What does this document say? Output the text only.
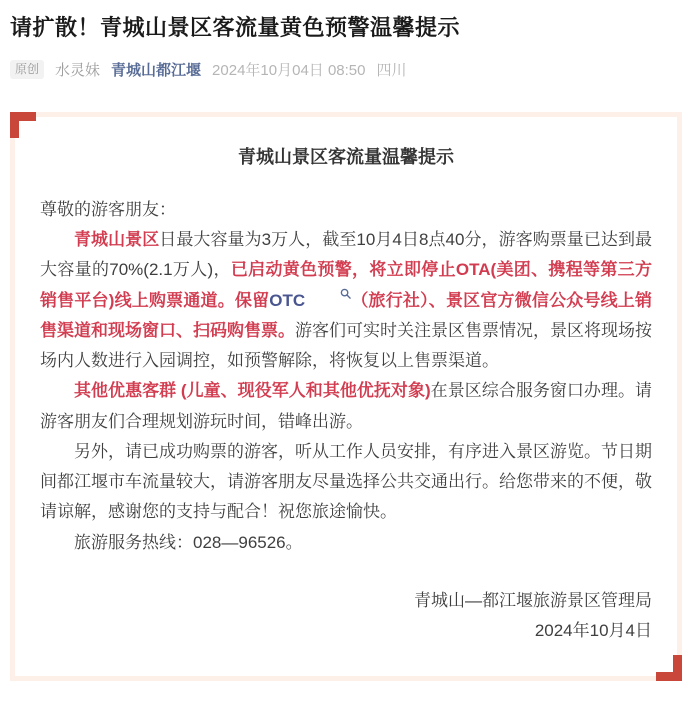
请扩散！青城山景区客流量黄色预警温馨提示
原创	水灵妹 青城山都江堰 2024年10月04日 08:50 四川
青城山景区客流量温馨提示

尊敬的游客朋友：

青城山景区日最大容量为3万人，截至10月4日8点40分，游客购票量已达到最大容量的70%(2.1万人)，已启动黄色预警，将立即停止OTA(美团、携程等第三方销售平台)线上购票通道。保留OTC	（旅行社）、景区官方微信公众号线上销售渠道和现场窗口、扫码购售票。游客们可实时关注景区售票情况，景区将现场按场内人数进行入园调控，如预警解除，将恢复以上售票渠道。

其他优惠客群 (儿童、现役军人和其他优抚对象)在景区综合服务窗口办理。请游客朋友们合理规划游玩时间，错峰出游。

另外，请已成功购票的游客，听从工作人员安排，有序进入景区游览。节日期间都江堰市车流量较大，请游客朋友尽量选择公共交通出行。给您带来的不便，敬请谅解，感谢您的支持与配合！祝您旅途愉快。

旅游服务热线：028—96526。

青城山—都江堰旅游景区管理局
2024年10月4日
